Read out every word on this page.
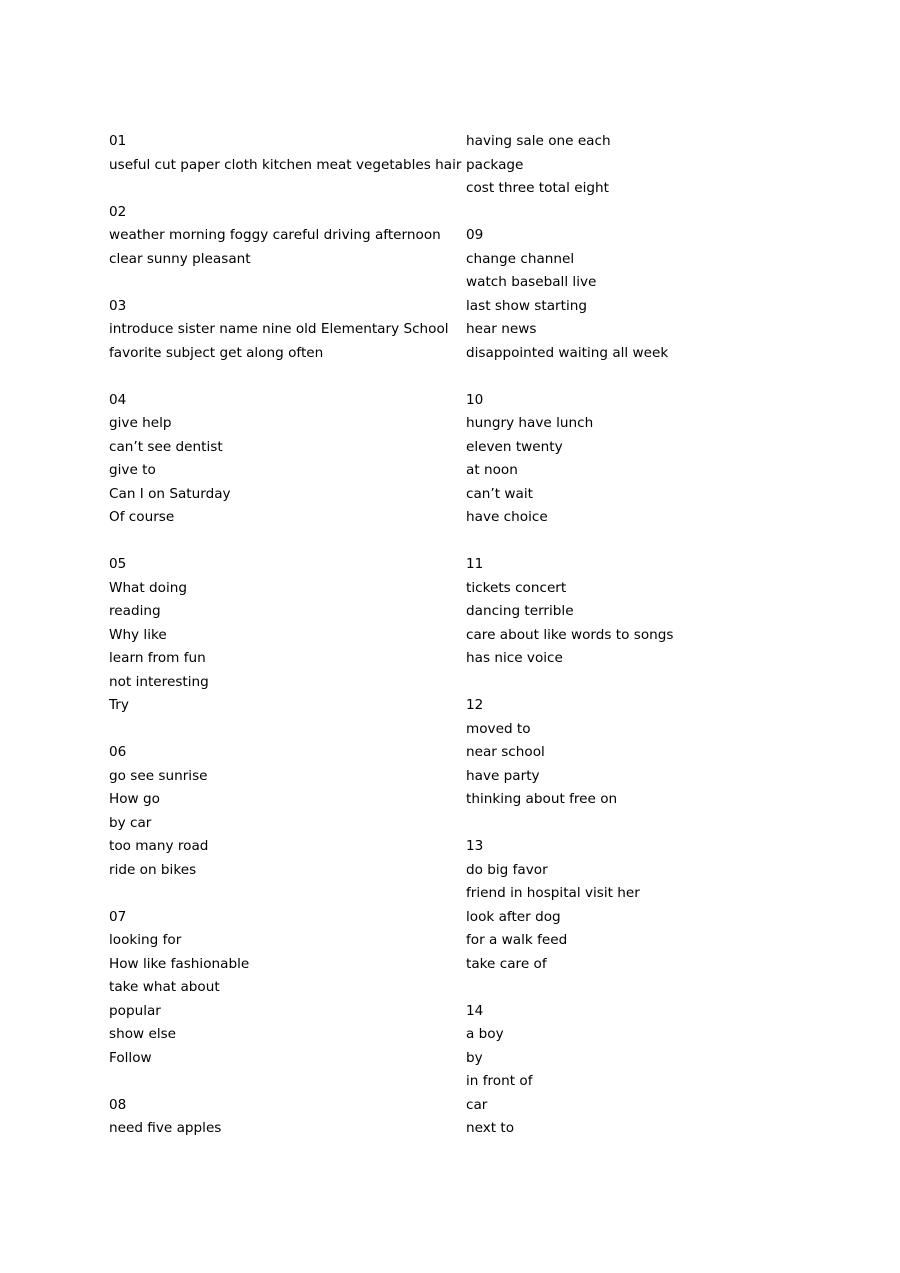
01
useful cut paper cloth kitchen meat vegetables hair
02
weather morning foggy careful driving afternoon
clear sunny pleasant
03
introduce sister name nine old Elementary School
favorite subject get along often
04
give help
can’t see dentist
give to
Can I on Saturday
Of course
05
What doing
reading
Why like
learn from fun
not interesting
Try
06
go see sunrise
How go
by car
too many road
ride on bikes
07
looking for
How like fashionable
take what about
popular
show else
Follow
08
need five apples
having sale one each
package
cost three total eight
09
change channel
watch baseball live
last show starting
hear news
disappointed waiting all week
10
hungry have lunch
eleven twenty
at noon
can’t wait
have choice
11
tickets concert
dancing terrible
care about like words to songs
has nice voice
12
moved to
near school
have party
thinking about free on
13
do big favor
friend in hospital visit her
look after dog
for a walk feed
take care of
14
a boy
by
in front of
car
next to
